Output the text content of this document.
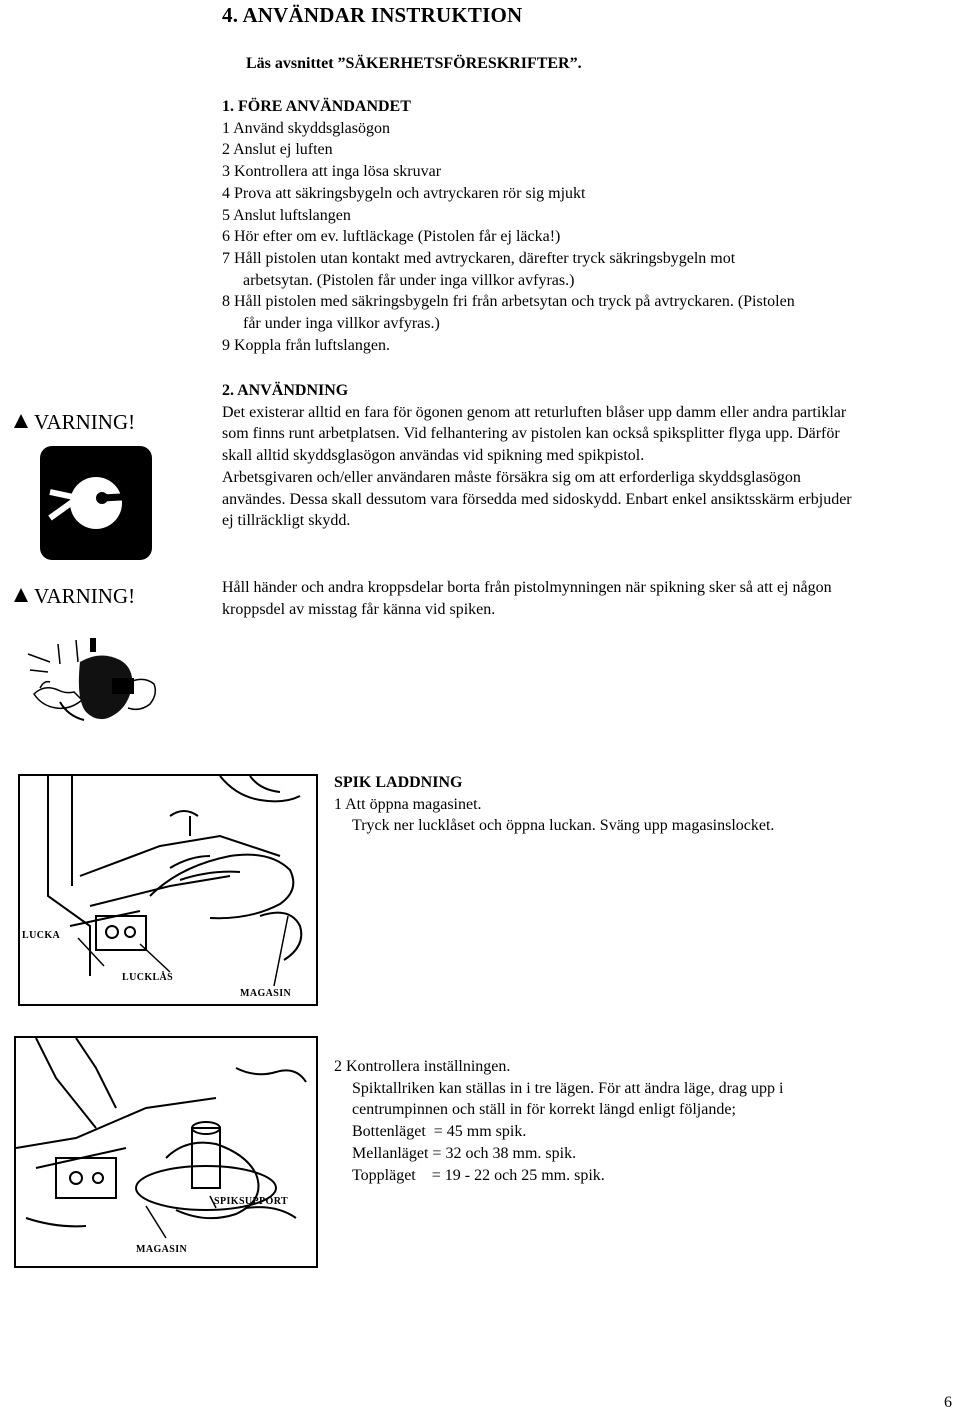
4. ANVÄNDAR INSTRUKTION
Läs avsnittet ”SÄKERHETSFÖRESKRIFTER”.
1. FÖRE ANVÄNDANDET
1 Använd skyddsglasögon
2 Anslut ej luften
3 Kontrollera att inga lösa skruvar
4 Prova att säkringsbygeln och avtryckaren rör sig mjukt
5 Anslut luftslangen
6 Hör efter om ev. luftläckage (Pistolen får ej läcka!)
7 Håll pistolen utan kontakt med avtryckaren, därefter tryck säkringsbygeln mot
arbetsytan. (Pistolen får under inga villkor avfyras.)
8 Håll pistolen med säkringsbygeln fri från arbetsytan och tryck på avtryckaren. (Pistolen
får under inga villkor avfyras.)
9 Koppla från luftslangen.
VARNING!
2. ANVÄNDNING
Det existerar alltid en fara för ögonen genom att returluften blåser upp damm eller andra partiklar
som finns runt arbetplatsen. Vid felhantering av pistolen kan också spiksplitter flyga upp. Därför
skall alltid skyddsglasögon användas vid spikning med spikpistol.
Arbetsgivaren och/eller användaren måste försäkra sig om att erforderliga skyddsglasögon
användes. Dessa skall dessutom vara försedda med sidoskydd. Enbart enkel ansiktsskärm erbjuder
ej tillräckligt skydd.
VARNING!	Håll händer och andra kroppsdelar borta från pistolmynningen när spikning sker så att ej någon
kroppsdel av misstag får känna vid spiken.
LUCKA
LUCKLÅS
MAGASIN
SPIK LADDNING
1 Att öppna magasinet.
Tryck ner lucklåset och öppna luckan. Sväng upp magasinslocket.
SPIKSUPPORT
MAGASIN
2 Kontrollera inställningen.
Spiktallriken kan ställas in i tre lägen. För att ändra läge, drag upp i
centrumpinnen och ställ in för korrekt längd enligt följande;
Bottenläget  = 45 mm spik.
Mellanläget = 32 och 38 mm. spik.
Toppläget    = 19 - 22 och 25 mm. spik.
6
